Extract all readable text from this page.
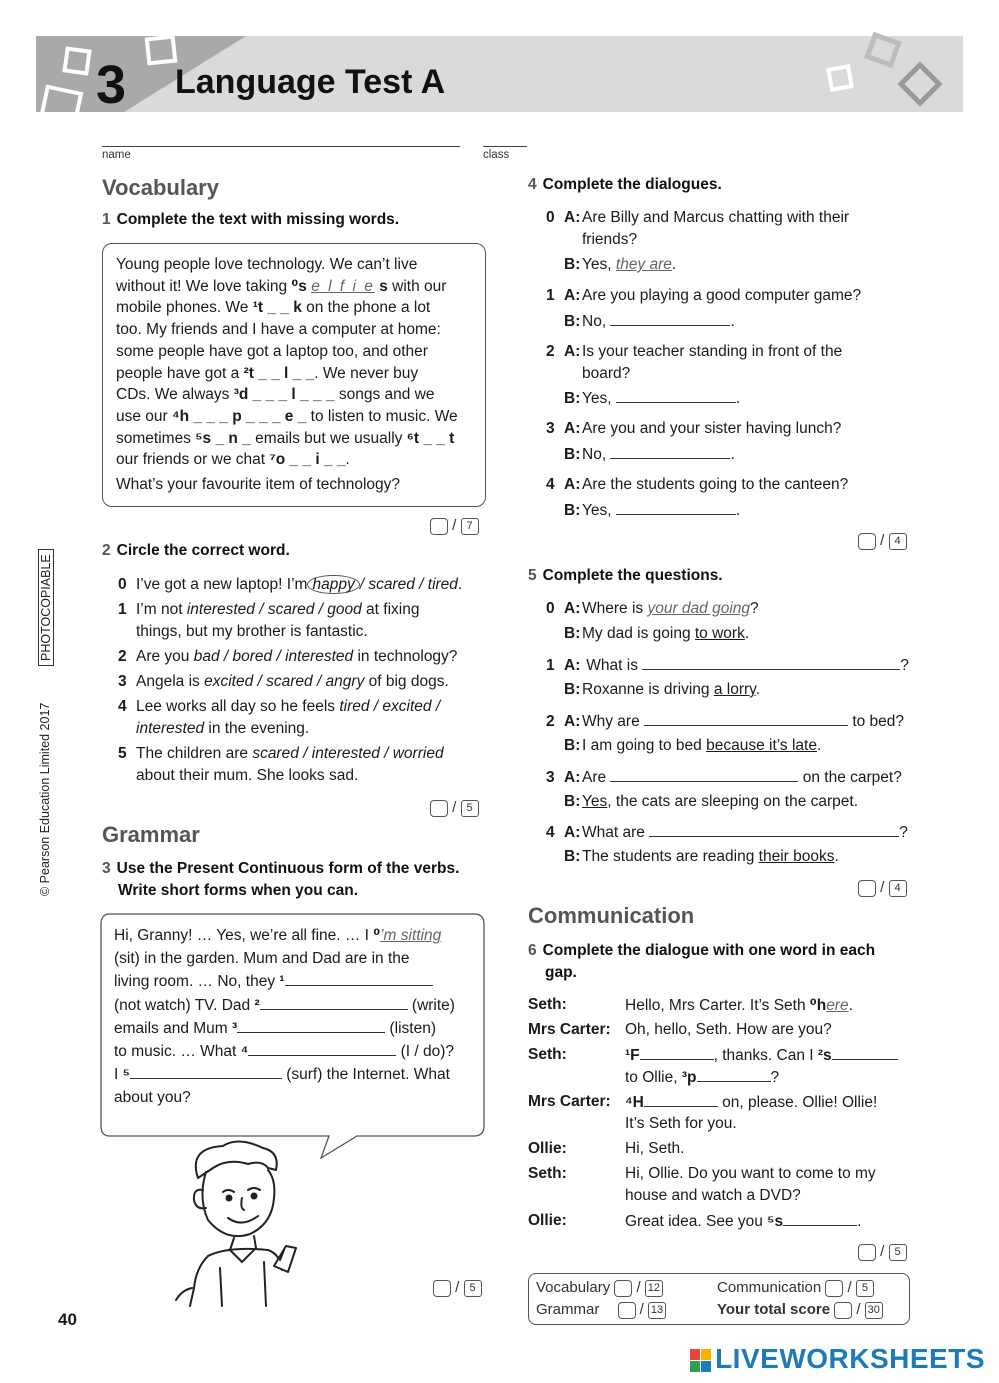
3 Language Test A
name	class
© Pearson Education Limited 2017
PHOTOCOPIABLE
Vocabulary
1 Complete the text with missing words.

Young people love technology. We can’t live

without it! We love taking ⁰s e l f i e s with our

mobile phones. We ¹t _ _ k on the phone a lot

too. My friends and I have a computer at home:

some people have got a laptop too, and other

people have got a ²t _ _ l _ _. We never buy

CDs. We always ³d _ _ _ l _ _ _ songs and we

use our ⁴h _ _ _ p _ _ _ e _ to listen to music. We

sometimes ⁵s _ n _ emails but we usually ⁶t _ _ t

our friends or we chat ⁷o _ _ i _ _.

What’s your favourite item of technology?

/ 7
2 Circle the correct word.
0 I’ve got a new laptop! I’m happy / scared / tired.
1 I’m not interested / scared / good at fixing
things, but my brother is fantastic.
2 Are you bad / bored / interested in technology?
3 Angela is excited / scared / angry of big dogs.
4 Lee works all day so he feels tired / excited /
interested in the evening.
5 The children are scared / interested / worried
about their mum. She looks sad.
/ 5
Grammar
3 Use the Present Continuous form of the verbs.
Write short forms when you can.

Hi, Granny! … Yes, we’re all fine. … I ⁰’m sitting

(sit) in the garden. Mum and Dad are in the

living room. … No, they ¹

(not watch) TV. Dad ²	(write)

emails and Mum ³	(listen)

to music. … What ⁴	(I / do)?

I ⁵	(surf) the Internet. What

about you?

/ 5
4 Complete the dialogues.
0 A: Are Billy and Marcus chatting with their
friends?
B: Yes, they are.
1 A: Are you playing a good computer game?
B: No,	.
2 A: Is your teacher standing in front of the
board?
B: Yes,	.
3 A: Are you and your sister having lunch?
B: No,	.
4 A: Are the students going to the canteen?
B: Yes,	.
/ 4
5 Complete the questions.
0 A: Where is your dad going?
B: My dad is going to work.
1 A: What is	?
B: Roxanne is driving a lorry.
2 A: Why are	to bed?
B: I am going to bed because it’s late.
3 A: Are	on the carpet?
B: Yes, the cats are sleeping on the carpet.
4 A: What are	?
B: The students are reading their books.
/ 4
Communication
6 Complete the dialogue with one word in each
gap.
Seth:	Hello, Mrs Carter. It’s Seth ⁰here.
Mrs Carter: Oh, hello, Seth. How are you?
Seth:	¹F	, thanks. Can I ²s
to Ollie, ³p	?
Mrs Carter: ⁴H	on, please. Ollie! Ollie!
It’s Seth for you.
Ollie:	Hi, Seth.
Seth:	Hi, Ollie. Do you want to come to my
house and watch a DVD?
Ollie:	Great idea. See you ⁵s	.
/ 5
Vocabulary  / 12
Grammar  / 13
Communication  / 5
Your total score  / 30
40
LIVEWORKSHEETS
